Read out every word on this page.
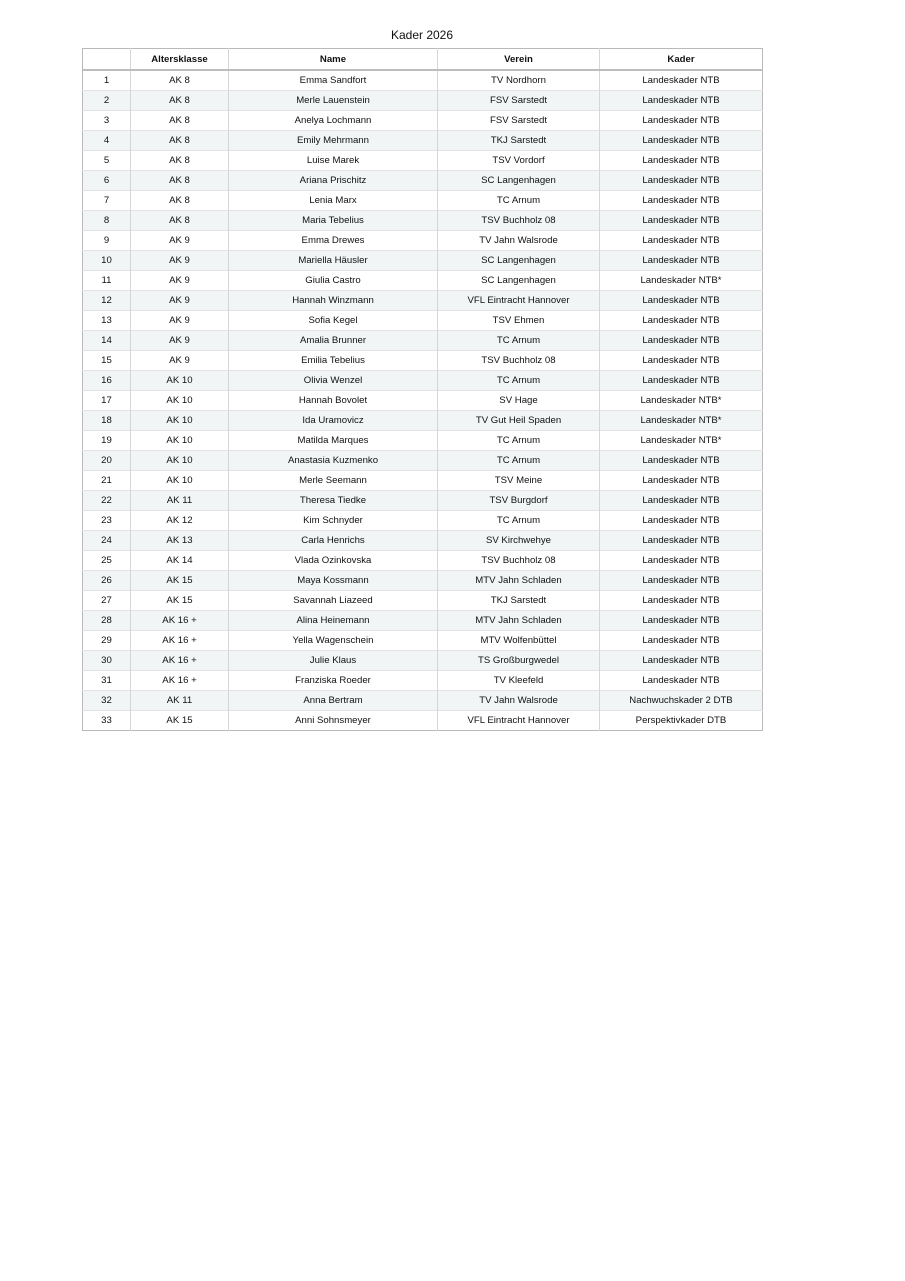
Kader 2026
	Altersklasse	Name	Verein	Kader
1	AK 8	Emma Sandfort	TV Nordhorn	Landeskader NTB
2	AK 8	Merle Lauenstein	FSV Sarstedt	Landeskader NTB
3	AK 8	Anelya Lochmann	FSV Sarstedt	Landeskader NTB
4	AK 8	Emily Mehrmann	TKJ Sarstedt	Landeskader NTB
5	AK 8	Luise Marek	TSV Vordorf	Landeskader NTB
6	AK 8	Ariana Prischitz	SC Langenhagen	Landeskader NTB
7	AK 8	Lenia Marx	TC Arnum	Landeskader NTB
8	AK 8	Maria Tebelius	TSV Buchholz 08	Landeskader NTB
9	AK 9	Emma Drewes	TV Jahn Walsrode	Landeskader NTB
10	AK 9	Mariella Häusler	SC Langenhagen	Landeskader NTB
11	AK 9	Giulia Castro	SC Langenhagen	Landeskader NTB*
12	AK 9	Hannah Winzmann	VFL Eintracht Hannover	Landeskader NTB
13	AK 9	Sofia Kegel	TSV Ehmen	Landeskader NTB
14	AK 9	Amalia Brunner	TC Arnum	Landeskader NTB
15	AK 9	Emilia Tebelius	TSV Buchholz 08	Landeskader NTB
16	AK 10	Olivia Wenzel	TC Arnum	Landeskader NTB
17	AK 10	Hannah Bovolet	SV Hage	Landeskader NTB*
18	AK 10	Ida Uramovicz	TV Gut Heil Spaden	Landeskader NTB*
19	AK 10	Matilda Marques	TC Arnum	Landeskader NTB*
20	AK 10	Anastasia Kuzmenko	TC Arnum	Landeskader NTB
21	AK 10	Merle Seemann	TSV Meine	Landeskader NTB
22	AK 11	Theresa Tiedke	TSV Burgdorf	Landeskader NTB
23	AK 12	Kim Schnyder	TC Arnum	Landeskader NTB
24	AK 13	Carla Henrichs	SV Kirchwehye	Landeskader NTB
25	AK 14	Vlada Ozinkovska	TSV Buchholz 08	Landeskader NTB
26	AK 15	Maya Kossmann	MTV Jahn Schladen	Landeskader NTB
27	AK 15	Savannah Liazeed	TKJ Sarstedt	Landeskader NTB
28	AK 16 +	Alina Heinemann	MTV Jahn Schladen	Landeskader NTB
29	AK 16 +	Yella Wagenschein	MTV Wolfenbüttel	Landeskader NTB
30	AK 16 +	Julie Klaus	TS Großburgwedel	Landeskader NTB
31	AK 16 +	Franziska Roeder	TV Kleefeld	Landeskader NTB
32	AK 11	Anna Bertram	TV Jahn Walsrode	Nachwuchskader 2 DTB
33	AK 15	Anni Sohnsmeyer	VFL Eintracht Hannover	Perspektivkader DTB
